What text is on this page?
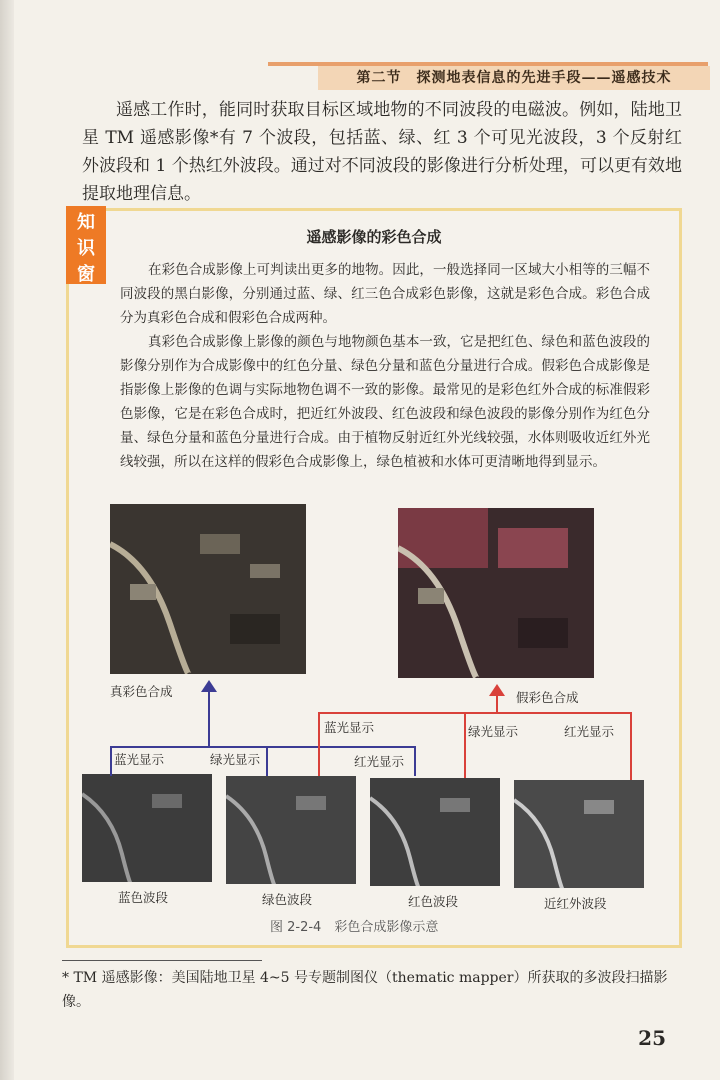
第二节　探测地表信息的先进手段——遥感技术

遥感工作时，能同时获取目标区域地物的不同波段的电磁波。例如，陆地卫星 TM 遥感影像*有 7 个波段，包括蓝、绿、红 3 个可见光波段，3 个反射红外波段和 1 个热红外波段。通过对不同波段的影像进行分析处理，可以更有效地提取地理信息。

知识窗
遥感影像的彩色合成

在彩色合成影像上可判读出更多的地物。因此，一般选择同一区域大小相等的三幅不同波段的黑白影像，分别通过蓝、绿、红三色合成彩色影像，这就是彩色合成。彩色合成分为真彩色合成和假彩色合成两种。

真彩色合成影像上影像的颜色与地物颜色基本一致，它是把红色、绿色和蓝色波段的影像分别作为合成影像中的红色分量、绿色分量和蓝色分量进行合成。假彩色合成影像是指影像上影像的色调与实际地物色调不一致的影像。最常见的是彩色红外合成的标准假彩色影像，它是在彩色合成时，把近红外波段、红色波段和绿色波段的影像分别作为红色分量、绿色分量和蓝色分量进行合成。由于植物反射近红外光线较强，水体则吸收近红外光线较强，所以在这样的假彩色合成影像上，绿色植被和水体可更清晰地得到显示。

真彩色合成	假彩色合成
蓝光显示	绿光显示	红光显示
蓝光显示	绿光显示	红光显示
蓝色波段	绿色波段	红色波段	近红外波段
图 2-2-4　彩色合成影像示意
* TM 遥感影像：美国陆地卫星 4~5 号专题制图仪（thematic mapper）所获取的多波段扫描影像。
25
